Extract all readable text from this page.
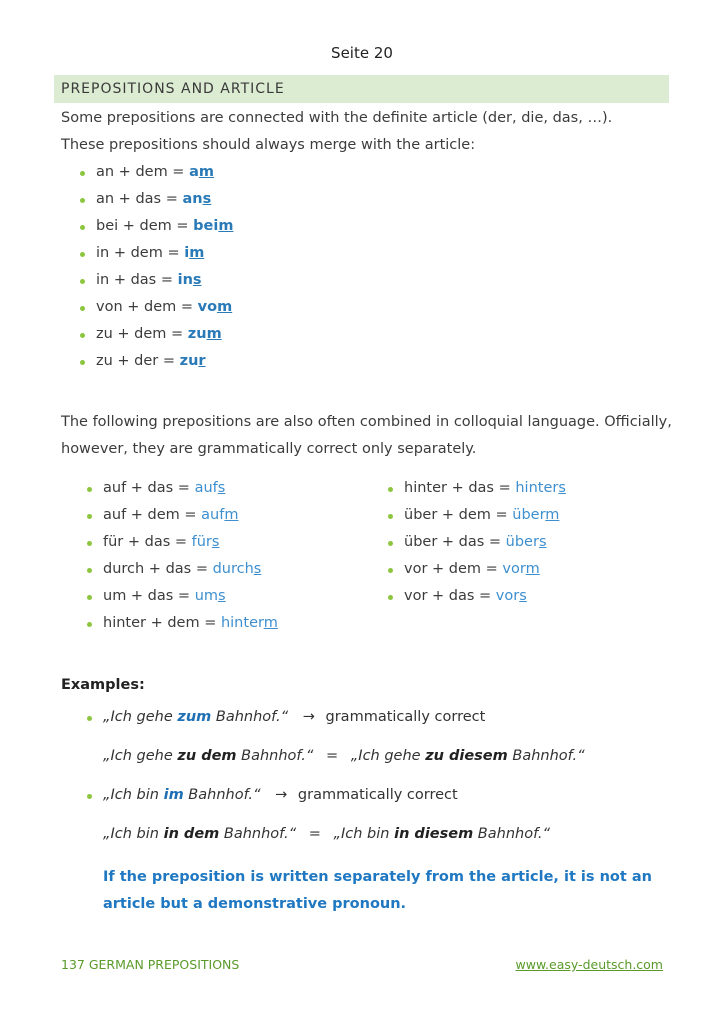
Seite 20
PREPOSITIONS AND ARTICLE
Some prepositions are connected with the definite article (der, die, das, …).
These prepositions should always merge with the article:
an + dem = am
an + das = ans
bei + dem = beim
in + dem = im
in + das = ins
von + dem = vom
zu + dem = zum
zu + der = zur
The following prepositions are also often combined in colloquial language. Officially,
however, they are grammatically correct only separately.
auf + das = aufs
auf + dem = aufm
für + das = fürs
durch + das = durchs
um + das = ums
hinter + dem = hinterm
hinter + das = hinters
über + dem = überm
über + das = übers
vor + dem = vorm
vor + das = vors
Examples:
„Ich gehe zum Bahnhof.“ → grammatically correct
„Ich gehe zu dem Bahnhof.“ = „Ich gehe zu diesem Bahnhof.“
„Ich bin im Bahnhof.“ → grammatically correct
„Ich bin in dem Bahnhof.“ = „Ich bin in diesem Bahnhof.“
If the preposition is written separately from the article, it is not an article but a demonstrative pronoun.
137 GERMAN PREPOSITIONS	www.easy-deutsch.com
